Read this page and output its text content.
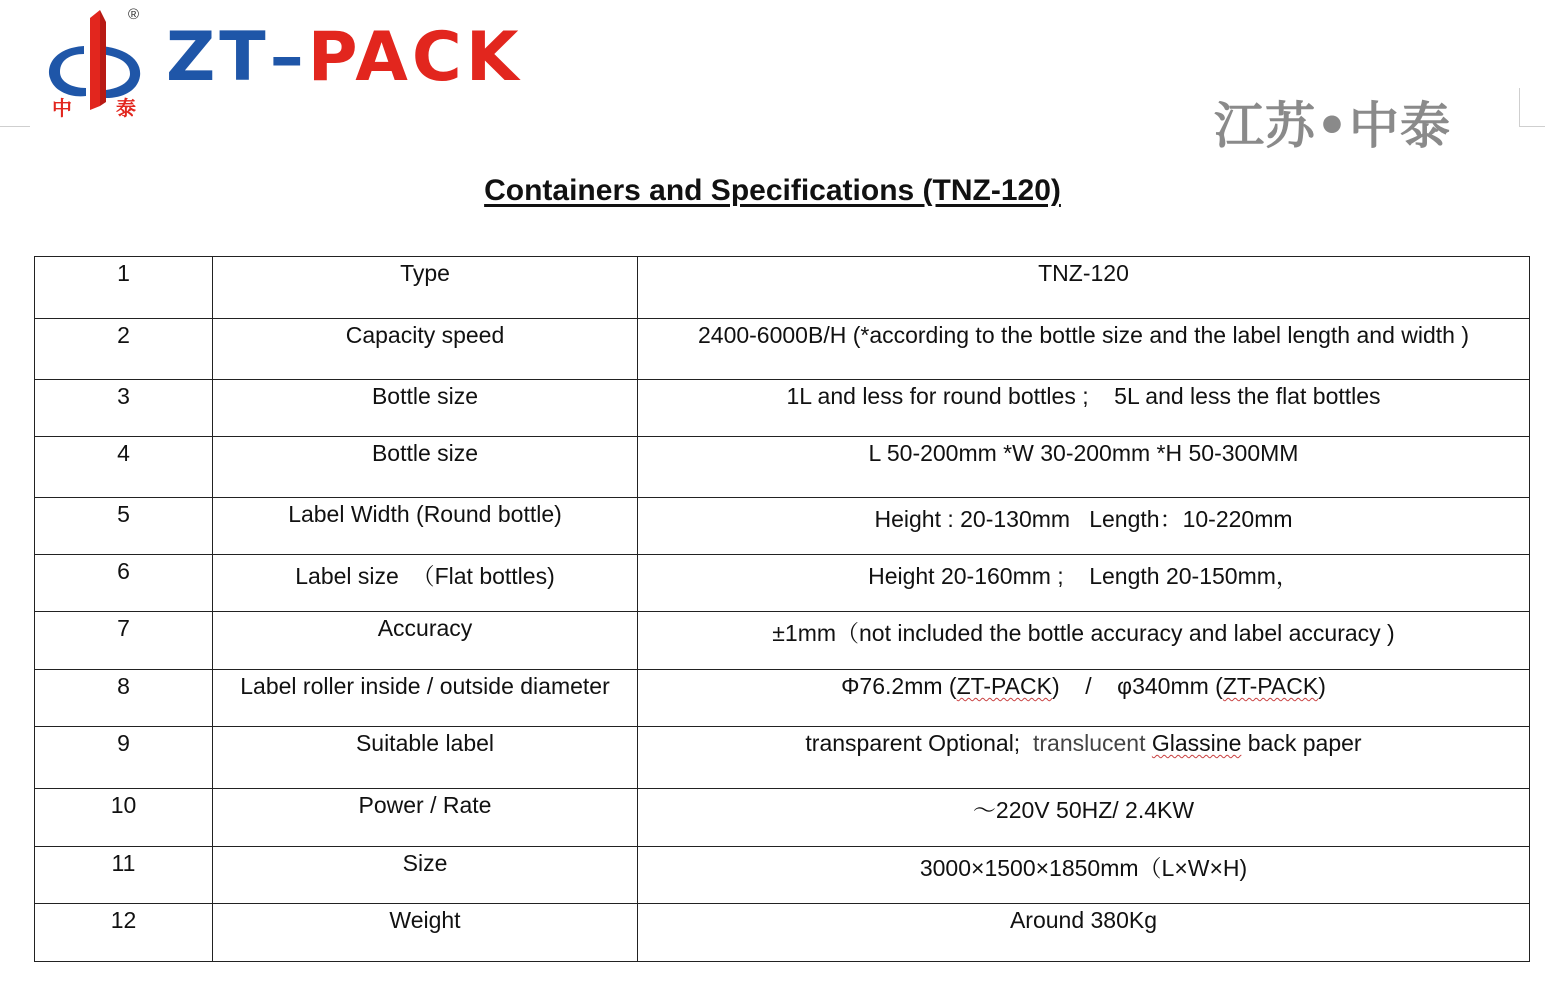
®
中 泰
ZT–PACK
江苏•中泰
Containers and Specifications (TNZ-120)
1	Type	TNZ-120
2	Capacity speed	2400-6000B/H (*according to the bottle size and the label length and width )
3	Bottle size	1L and less for round bottles ;    5L and less the flat bottles
4	Bottle size	L 50-200mm *W 30-200mm *H 50-300MM
5	Label Width (Round bottle)	Height : 20-130mm   Length：10-220mm
6	Label size  （Flat bottles)	Height 20-160mm ;    Length 20-150mm，
7	Accuracy	±1mm（not included the bottle accuracy and label accuracy )
8	Label roller inside / outside diameter	Φ76.2mm (ZT-PACK)    /    φ340mm (ZT-PACK)
9	Suitable label	transparent Optional;  translucent Glassine back paper
10	Power / Rate	～220V 50HZ/ 2.4KW
11	Size	3000×1500×1850mm（L×W×H)
12	Weight	Around 380Kg
